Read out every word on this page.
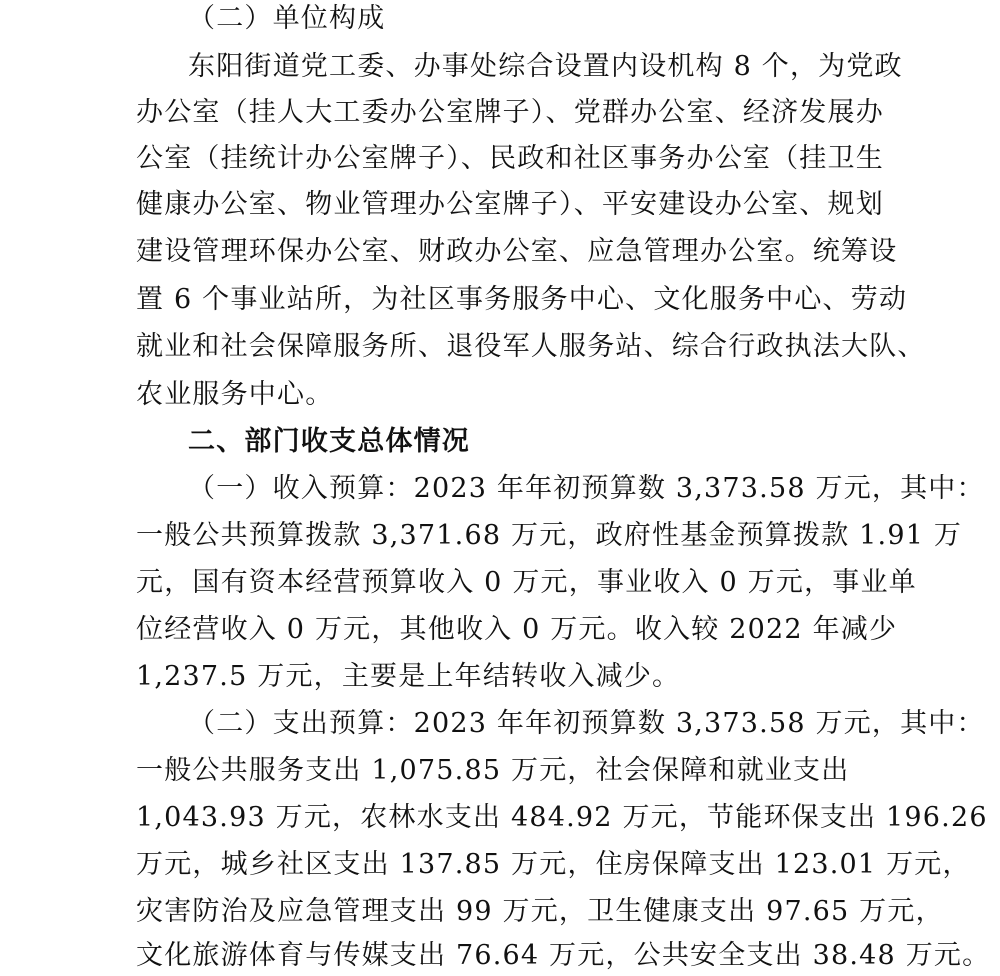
（二）单位构成
东阳街道党工委、办事处综合设置内设机构 8 个，为党政
办公室（挂人大工委办公室牌子）、党群办公室、经济发展办
公室（挂统计办公室牌子）、民政和社区事务办公室（挂卫生
健康办公室、物业管理办公室牌子）、平安建设办公室、规划
建设管理环保办公室、财政办公室、应急管理办公室。统筹设
置 6 个事业站所，为社区事务服务中心、文化服务中心、劳动
就业和社会保障服务所、退役军人服务站、综合行政执法大队、
农业服务中心。
二、部门收支总体情况
（一）收入预算：2023 年年初预算数 3,373.58 万元，其中：
一般公共预算拨款 3,371.68 万元，政府性基金预算拨款 1.91 万
元，国有资本经营预算收入 0 万元，事业收入 0 万元，事业单
位经营收入 0 万元，其他收入 0 万元。收入较 2022 年减少
1,237.5 万元，主要是上年结转收入减少。
（二）支出预算：2023 年年初预算数 3,373.58 万元，其中：
一般公共服务支出 1,075.85 万元，社会保障和就业支出
1,043.93 万元，农林水支出 484.92 万元，节能环保支出 196.26
万元，城乡社区支出 137.85 万元，住房保障支出 123.01 万元，
灾害防治及应急管理支出 99 万元，卫生健康支出 97.65 万元，
文化旅游体育与传媒支出 76.64 万元，公共安全支出 38.48 万元。
